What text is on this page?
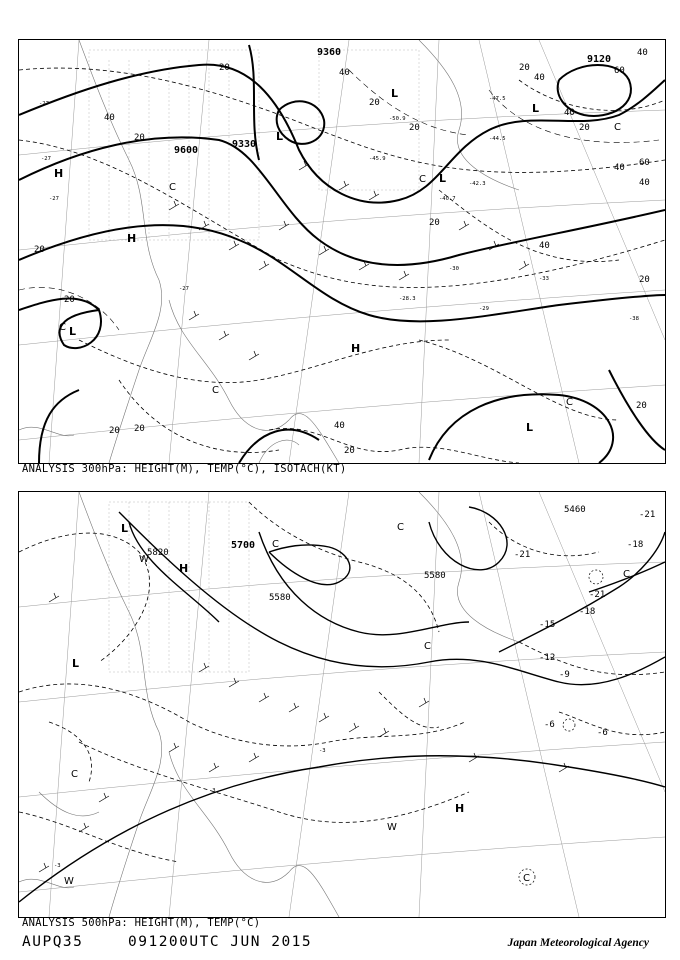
-27
-27
-27
-27
-28.3
-29
-33
-38
-40.7
-42.3
-44.5
-45.9
-47.5
-50.9
-30
9600
9360
9120
9330
20
40
20
20
20
40
20
20
20
40
40
20
60
40
40 60
40
40
20
20
40
20
20
20
20
H
H
H
L
L
L
L
L
L
C
C
C
C
C
C
ANALYSIS 300hPa: HEIGHT(M), TEMP(°C), ISOTACH(KT)
5820
5700
5580
5580
5460
-6
-6
-9
-12
-15
-18
-18
-21
-21
-21
-3
-3
-3
L
L
H
H
C
C
C
C
C
C
W
W
W
ANALYSIS 500hPa: HEIGHT(M), TEMP(°C)
AUPQ35	091200UTC JUN 2015	Japan Meteorological Agency
